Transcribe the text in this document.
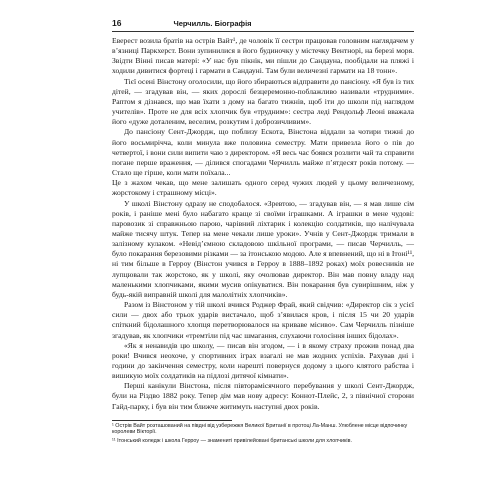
16	Черчилль. Біографія

Еверест возила братів на острів Вайт¹, де чоловік її сестри працював головним наглядачем у в’язниці Паркхерст. Вони зупинилися в його будиночку у містечку Вентнорі, на березі моря. Звідти Вінні писав матері: «У нас був пікнік, ми пішли до Сандауна, пообідали на пляжі і ходили дивитися фортеці і гармати в Сандауні. Там були величезні гармати на 18 тонн».

Тієї осені Вінстону оголосили, що його збираються відправити до пансіону. «Я був із тих дітей, — згадував він, — яких дорослі безцеремонно-поблажливо називали «трудними». Раптом я дізнався, що мав їхати з дому на багато тижнів, щоб іти до школи під наглядом учителів». Проте не для всіх хлопчик був «трудним»: сестра леді Рендольф Леоні вважала його «дуже доталеним, веселим, розкутим і доброзичливим».

До пансіону Сент-Джордж, що поблизу Ескота, Вінстона віддали за чотири тижні до його восьмирічча, коли минула вже половина семестру. Мати привезла його о пів до четвертої, і вони сили випити чаю з директором. «Я весь час боявся розлити чай та справити погане перше враження, — ділився спогадами Черчилль майже п’ятдесят років потому. — Стало ще гірше, коли мати поїхала...

Це з жахом чекав, що мене залишать одного серед чужих людей у цьому величезному, жорстокому і страшному місці».

У школі Вінстону одразу не сподобалося. «Зревтою, — згадував він, — я мав лише сім років, і раніше мені було набагато краще зі своїми іграшками. А іграшки в мене чудові: паровозик зі справжньою парою, чарівний ліхтарик і колекцію солдатиків, що налічувала майже тисячу штук. Тепер на мене чекали лише уроки». Учнів у Сент-Джордж тримали в залізному кулаком. «Невід’ємною складовою шкільної програми, — писав Черчилль, — було покарання березовими різками — за ітонською модою. Але я впевнений, що ні в Ітоні¹¹, ні тим більше в Герроу (Вінстон учився в Герроу в 1888–1892 роках) моїх ровесників не лупцювали так жорстоко, як у школі, яку очолював директор. Він мав повну владу над маленькими хлопчиками, якими мусив опікуватися. Він покарання був сувирішним, ніж у будь-якій виправній школі для малолітніх хлопчиків».

Разом із Вінстоном у тій школі вчився Роджер Фрай, який свідчив: «Директор сік з усієї сили — двох або трьох ударів вистачало, щоб з’явилася кров, і після 15 чи 20 ударів спіткний бідолашного хлопця перетворювалося на криваве місиво». Сам Черчилль пізніше згадував, як хлопчики «тремтіли під час шмагання, слухаючи голосіння інших бідолах».

«Як я ненавидів цю школу, — писав він згодом, — і в якому страху прожив понад два роки! Вчився неохоче, у спортивних іграх взагалі не мав жодних успіхів. Рахував дні і години до закінчення семестру, коли нарешті повернуся додому з цього клятого рабства і вишикую моїх солдатиків на підлозі дитячої кімнати».

Перші канікули Вінстона, після півторамісячного перебування у школі Сент-Джордж, були на Різдво 1882 року. Тепер дім мав нову адресу: Коннот-Плейс, 2, з північної сторони Гайд-парку, і був він тим ближче житимуть наступні двох років.

¹ Острів Вайт розташований на півдні від узбережжя Великої Британії в протоці Ла-Манш. Улюблене місце відпочинку королеви Вікторії.
¹¹ Ітонський коледж і школа Герроу — знамениті привілейовані британські школи для хлопчиків.
